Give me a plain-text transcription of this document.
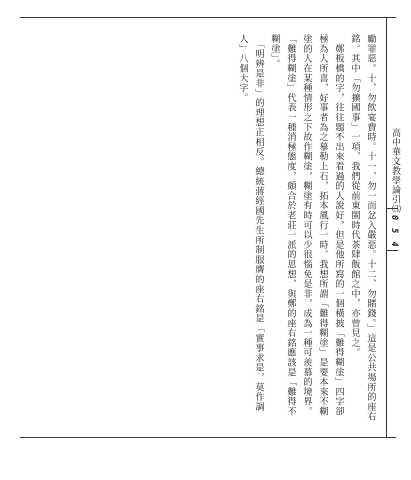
勵罪惡。十、勿飲宴費時。十一、勿一而忿入嚴惡。十二、勿賭錢。」這是公共場所的座右銘。其中「勿擴國事」一項，我們從前東閩時代茶肆飯館之中，亦曾見之。
　鄭板橋的字，往往題不出來看過的人說好，但是他所寫的一個橫披「難得糊塗」四字卻極為人所喜，好事者為之摹勒上石，拓本風行一時。我想所謂「難得糊塗」是要本來不糊塗的人在某種情形之下故作糊塗，糊塗有時可以少很惱免是非，成為一種可羨慕的境界。「難得糊塗」代表一種消極態度，頗合於老莊一派的思想，與鄭的座右銘應該是「難得不糊塗」。
　「明辨是非」的理想正相反。總統蔣經國先生所制服膺的座右銘是「實事求是，莫作調人」八個大字。
高中華文教學論引⑶
0 5 4
